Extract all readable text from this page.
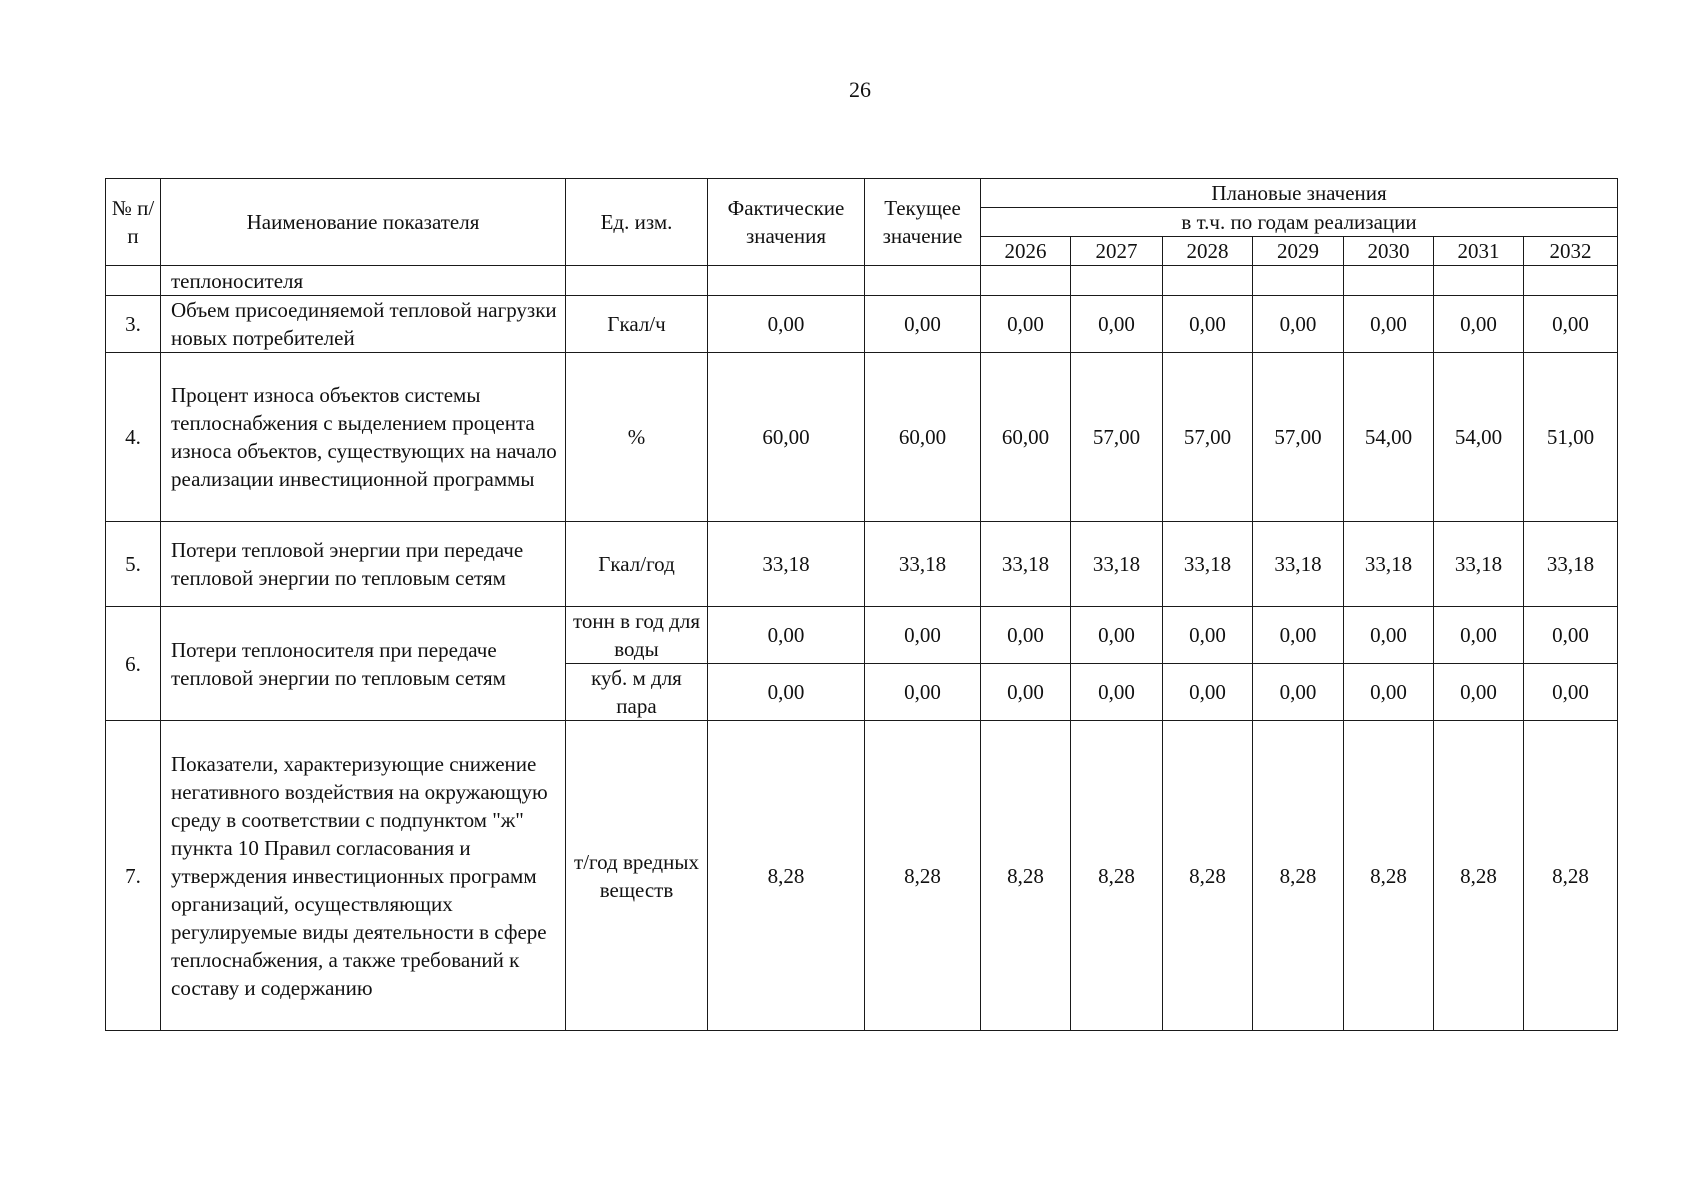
26
№ п/п	Наименование показателя	Ед. изм.	Фактические значения	Текущее значение	Плановые значения						
					в т.ч. по годам реализации						
					2026	2027	2028	2029	2030	2031	2032
	теплоносителя										
3.	Объем присоединяемой тепловой нагрузки новых потребителей	Гкал/ч	0,00	0,00	0,00	0,00	0,00	0,00	0,00	0,00	0,00
4.	Процент износа объектов системы теплоснабжения с выделением процента износа объектов, существующих на начало реализации инвестиционной программы	%	60,00	60,00	60,00	57,00	57,00	57,00	54,00	54,00	51,00
5.	Потери тепловой энергии при передаче тепловой энергии по тепловым сетям	Гкал/год	33,18	33,18	33,18	33,18	33,18	33,18	33,18	33,18	33,18
6.	Потери теплоносителя при передаче тепловой энергии по тепловым сетям	тонн в год для воды	0,00	0,00	0,00	0,00	0,00	0,00	0,00	0,00	0,00
		куб. м для пара	0,00	0,00	0,00	0,00	0,00	0,00	0,00	0,00	0,00
7.	Показатели, характеризующие снижение негативного воздействия на окружающую среду в соответствии с подпунктом "ж" пункта 10 Правил согласования и утверждения инвестиционных программ организаций, осуществляющих регулируемые виды деятельности в сфере теплоснабжения, а также требований к составу и содержанию	т/год вредных веществ	8,28	8,28	8,28	8,28	8,28	8,28	8,28	8,28	8,28
